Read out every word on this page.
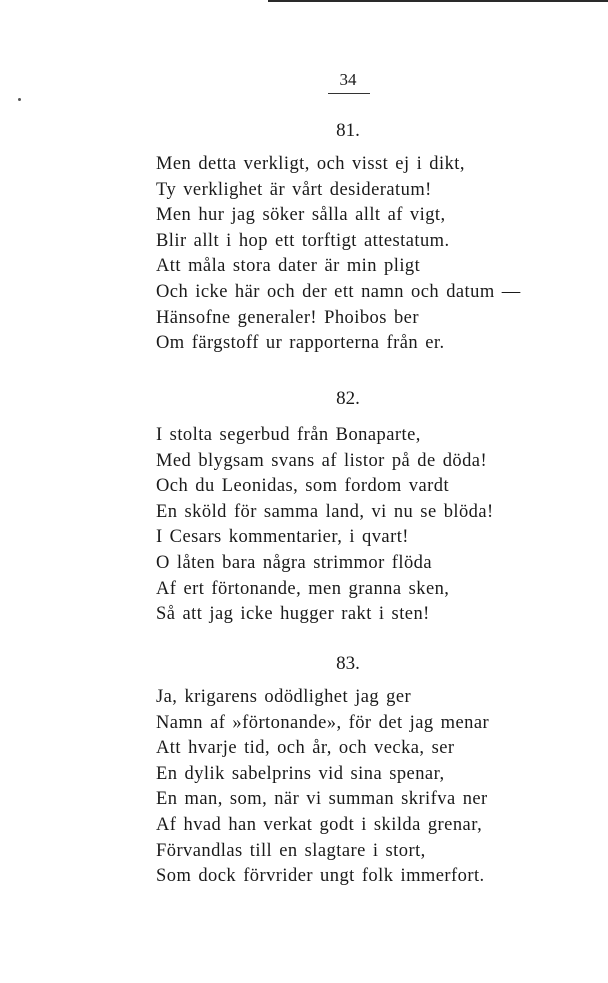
34
81.
Men detta verkligt, och visst ej i dikt,
Ty verklighet är vårt desideratum!
Men hur jag söker sålla allt af vigt,
Blir allt i hop ett torftigt attestatum.
Att måla stora dater är min pligt
Och icke här och der ett namn och datum —
Hänsofne generaler! Phoibos ber
Om färgstoff ur rapporterna från er.
82.
I stolta segerbud från Bonaparte,
Med blygsam svans af listor på de döda!
Och du Leonidas, som fordom vardt
En sköld för samma land, vi nu se blöda!
I Cesars kommentarier, i qvart!
O låten bara några strimmor flöda
Af ert förtonande, men granna sken,
Så att jag icke hugger rakt i sten!
83.
Ja, krigarens odödlighet jag ger
Namn af »förtonande», för det jag menar
Att hvarje tid, och år, och vecka, ser
En dylik sabelprins vid sina spenar,
En man, som, när vi summan skrifva ner
Af hvad han verkat godt i skilda grenar,
Förvandlas till en slagtare i stort,
Som dock förvrider ungt folk immerfort.
